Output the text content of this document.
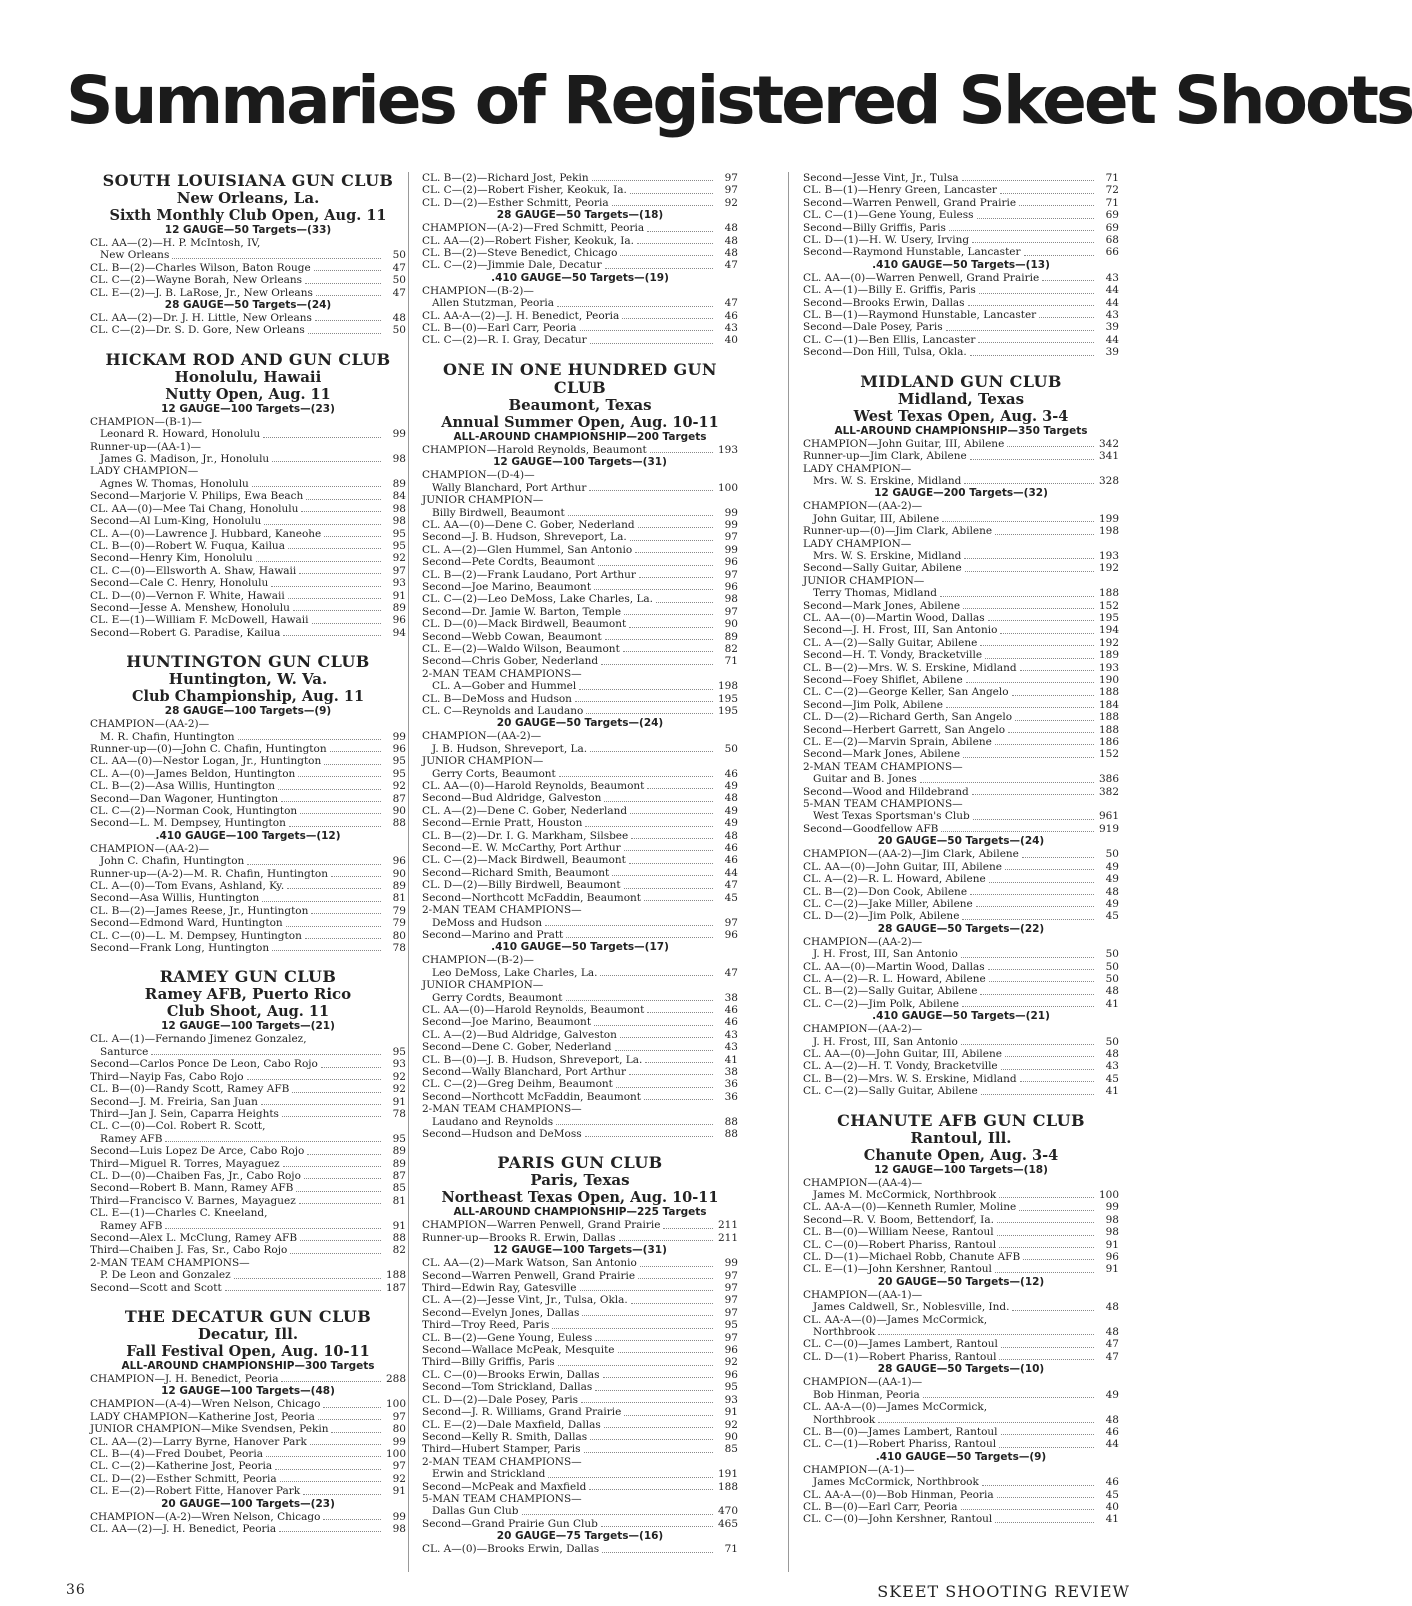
Summaries of Registered Skeet Shoots
SOUTH LOUISIANA GUN CLUB
New Orleans, La.
Sixth Monthly Club Open, Aug. 11
12 GAUGE—50 Targets—(33)
CL. AA—(2)—H. P. McIntosh, IV,
New Orleans	50
CL. B—(2)—Charles Wilson, Baton Rouge	47
CL. C—(2)—Wayne Borah, New Orleans	50
CL. E—(2)—J. B. LaRose, Jr., New Orleans	47
28 GAUGE—50 Targets—(24)
CL. AA—(2)—Dr. J. H. Little, New Orleans	48
CL. C—(2)—Dr. S. D. Gore, New Orleans	50
HICKAM ROD AND GUN CLUB
Honolulu, Hawaii
Nutty Open, Aug. 11
12 GAUGE—100 Targets—(23)
CHAMPION—(B-1)—
Leonard R. Howard, Honolulu	99
Runner-up—(AA-1)—
James G. Madison, Jr., Honolulu	98
LADY CHAMPION—
Agnes W. Thomas, Honolulu	89
Second—Marjorie V. Philips, Ewa Beach	84
CL. AA—(0)—Mee Tai Chang, Honolulu	98
Second—Al Lum-King, Honolulu	98
CL. A—(0)—Lawrence J. Hubbard, Kaneohe	95
CL. B—(0)—Robert W. Fuqua, Kailua	95
Second—Henry Kim, Honolulu	92
CL. C—(0)—Ellsworth A. Shaw, Hawaii	97
Second—Cale C. Henry, Honolulu	93
CL. D—(0)—Vernon F. White, Hawaii	91
Second—Jesse A. Menshew, Honolulu	89
CL. E—(1)—William F. McDowell, Hawaii	96
Second—Robert G. Paradise, Kailua	94
HUNTINGTON GUN CLUB
Huntington, W. Va.
Club Championship, Aug. 11
28 GAUGE—100 Targets—(9)
CHAMPION—(AA-2)—
M. R. Chafin, Huntington	99
Runner-up—(0)—John C. Chafin, Huntington	96
CL. AA—(0)—Nestor Logan, Jr., Huntington	95
CL. A—(0)—James Beldon, Huntington	95
CL. B—(2)—Asa Willis, Huntington	92
Second—Dan Wagoner, Huntington	87
CL. C—(2)—Norman Cook, Huntington	90
Second—L. M. Dempsey, Huntington	88
.410 GAUGE—100 Targets—(12)
CHAMPION—(AA-2)—
John C. Chafin, Huntington	96
Runner-up—(A-2)—M. R. Chafin, Huntington	90
CL. A—(0)—Tom Evans, Ashland, Ky.	89
Second—Asa Willis, Huntington	81
CL. B—(2)—James Reese, Jr., Huntington	79
Second—Edmond Ward, Huntington	79
CL. C—(0)—L. M. Dempsey, Huntington	80
Second—Frank Long, Huntington	78
RAMEY GUN CLUB
Ramey AFB, Puerto Rico
Club Shoot, Aug. 11
12 GAUGE—100 Targets—(21)
CL. A—(1)—Fernando Jimenez Gonzalez,
Santurce	95
Second—Carlos Ponce De Leon, Cabo Rojo	93
Third—Nayip Fas, Cabo Rojo	92
CL. B—(0)—Randy Scott, Ramey AFB	92
Second—J. M. Freiria, San Juan	91
Third—Jan J. Sein, Caparra Heights	78
CL. C—(0)—Col. Robert R. Scott,
Ramey AFB	95
Second—Luis Lopez De Arce, Cabo Rojo	89
Third—Miguel R. Torres, Mayaguez	89
CL. D—(0)—Chaiben Fas, Jr., Cabo Rojo	87
Second—Robert B. Mann, Ramey AFB	85
Third—Francisco V. Barnes, Mayaguez	81
CL. E—(1)—Charles C. Kneeland,
Ramey AFB	91
Second—Alex L. McClung, Ramey AFB	88
Third—Chaiben J. Fas, Sr., Cabo Rojo	82
2-MAN TEAM CHAMPIONS—
P. De Leon and Gonzalez	188
Second—Scott and Scott	187
THE DECATUR GUN CLUB
Decatur, Ill.
Fall Festival Open, Aug. 10-11
ALL-AROUND CHAMPIONSHIP—300 Targets
CHAMPION—J. H. Benedict, Peoria	288
12 GAUGE—100 Targets—(48)
CHAMPION—(A-4)—Wren Nelson, Chicago	100
LADY CHAMPION—Katherine Jost, Peoria	97
JUNIOR CHAMPION—Mike Svendsen, Pekin	80
CL. AA—(2)—Larry Byrne, Hanover Park	99
CL. B—(4)—Fred Doubet, Peoria	100
CL. C—(2)—Katherine Jost, Peoria	97
CL. D—(2)—Esther Schmitt, Peoria	92
CL. E—(2)—Robert Fitte, Hanover Park	91
20 GAUGE—100 Targets—(23)
CHAMPION—(A-2)—Wren Nelson, Chicago	99
CL. AA—(2)—J. H. Benedict, Peoria	98
CL. B—(2)—Richard Jost, Pekin	97
CL. C—(2)—Robert Fisher, Keokuk, Ia.	97
CL. D—(2)—Esther Schmitt, Peoria	92
28 GAUGE—50 Targets—(18)
CHAMPION—(A-2)—Fred Schmitt, Peoria	48
CL. AA—(2)—Robert Fisher, Keokuk, Ia.	48
CL. B—(2)—Steve Benedict, Chicago	48
CL. C—(2)—Jimmie Dale, Decatur	47
.410 GAUGE—50 Targets—(19)
CHAMPION—(B-2)—
Allen Stutzman, Peoria	47
CL. AA-A—(2)—J. H. Benedict, Peoria	46
CL. B—(0)—Earl Carr, Peoria	43
CL. C—(2)—R. I. Gray, Decatur	40
ONE IN ONE HUNDRED GUN CLUB
Beaumont, Texas
Annual Summer Open, Aug. 10-11
ALL-AROUND CHAMPIONSHIP—200 Targets
CHAMPION—Harold Reynolds, Beaumont	193
12 GAUGE—100 Targets—(31)
CHAMPION—(D-4)—
Wally Blanchard, Port Arthur	100
JUNIOR CHAMPION—
Billy Birdwell, Beaumont	99
CL. AA—(0)—Dene C. Gober, Nederland	99
Second—J. B. Hudson, Shreveport, La.	97
CL. A—(2)—Glen Hummel, San Antonio	99
Second—Pete Cordts, Beaumont	96
CL. B—(2)—Frank Laudano, Port Arthur	97
Second—Joe Marino, Beaumont	96
CL. C—(2)—Leo DeMoss, Lake Charles, La.	98
Second—Dr. Jamie W. Barton, Temple	97
CL. D—(0)—Mack Birdwell, Beaumont	90
Second—Webb Cowan, Beaumont	89
CL. E—(2)—Waldo Wilson, Beaumont	82
Second—Chris Gober, Nederland	71
2-MAN TEAM CHAMPIONS—
CL. A—Gober and Hummel	198
CL. B—DeMoss and Hudson	195
CL. C—Reynolds and Laudano	195
20 GAUGE—50 Targets—(24)
CHAMPION—(AA-2)—
J. B. Hudson, Shreveport, La.	50
JUNIOR CHAMPION—
Gerry Corts, Beaumont	46
CL. AA—(0)—Harold Reynolds, Beaumont	49
Second—Bud Aldridge, Galveston	48
CL. A—(2)—Dene C. Gober, Nederland	49
Second—Ernie Pratt, Houston	49
CL. B—(2)—Dr. I. G. Markham, Silsbee	48
Second—E. W. McCarthy, Port Arthur	46
CL. C—(2)—Mack Birdwell, Beaumont	46
Second—Richard Smith, Beaumont	44
CL. D—(2)—Billy Birdwell, Beaumont	47
Second—Northcott McFaddin, Beaumont	45
2-MAN TEAM CHAMPIONS—
DeMoss and Hudson	97
Second—Marino and Pratt	96
.410 GAUGE—50 Targets—(17)
CHAMPION—(B-2)—
Leo DeMoss, Lake Charles, La.	47
JUNIOR CHAMPION—
Gerry Cordts, Beaumont	38
CL. AA—(0)—Harold Reynolds, Beaumont	46
Second—Joe Marino, Beaumont	46
CL. A—(2)—Bud Aldridge, Galveston	43
Second—Dene C. Gober, Nederland	43
CL. B—(0)—J. B. Hudson, Shreveport, La.	41
Second—Wally Blanchard, Port Arthur	38
CL. C—(2)—Greg Deihm, Beaumont	36
Second—Northcott McFaddin, Beaumont	36
2-MAN TEAM CHAMPIONS—
Laudano and Reynolds	88
Second—Hudson and DeMoss	88
PARIS GUN CLUB
Paris, Texas
Northeast Texas Open, Aug. 10-11
ALL-AROUND CHAMPIONSHIP—225 Targets
CHAMPION—Warren Penwell, Grand Prairie	211
Runner-up—Brooks R. Erwin, Dallas	211
12 GAUGE—100 Targets—(31)
CL. AA—(2)—Mark Watson, San Antonio	99
Second—Warren Penwell, Grand Prairie	97
Third—Edwin Ray, Gatesville	97
CL. A—(2)—Jesse Vint, Jr., Tulsa, Okla.	97
Second—Evelyn Jones, Dallas	97
Third—Troy Reed, Paris	95
CL. B—(2)—Gene Young, Euless	97
Second—Wallace McPeak, Mesquite	96
Third—Billy Griffis, Paris	92
CL. C—(0)—Brooks Erwin, Dallas	96
Second—Tom Strickland, Dallas	95
CL. D—(2)—Dale Posey, Paris	93
Second—J. R. Williams, Grand Prairie	91
CL. E—(2)—Dale Maxfield, Dallas	92
Second—Kelly R. Smith, Dallas	90
Third—Hubert Stamper, Paris	85
2-MAN TEAM CHAMPIONS—
Erwin and Strickland	191
Second—McPeak and Maxfield	188
5-MAN TEAM CHAMPIONS—
Dallas Gun Club	470
Second—Grand Prairie Gun Club	465
20 GAUGE—75 Targets—(16)
CL. A—(0)—Brooks Erwin, Dallas	71
Second—Jesse Vint, Jr., Tulsa	71
CL. B—(1)—Henry Green, Lancaster	72
Second—Warren Penwell, Grand Prairie	71
CL. C—(1)—Gene Young, Euless	69
Second—Billy Griffis, Paris	69
CL. D—(1)—H. W. Usery, Irving	68
Second—Raymond Hunstable, Lancaster	66
.410 GAUGE—50 Targets—(13)
CL. AA—(0)—Warren Penwell, Grand Prairie	43
CL. A—(1)—Billy E. Griffis, Paris	44
Second—Brooks Erwin, Dallas	44
CL. B—(1)—Raymond Hunstable, Lancaster	43
Second—Dale Posey, Paris	39
CL. C—(1)—Ben Ellis, Lancaster	44
Second—Don Hill, Tulsa, Okla.	39
MIDLAND GUN CLUB
Midland, Texas
West Texas Open, Aug. 3-4
ALL-AROUND CHAMPIONSHIP—350 Targets
CHAMPION—John Guitar, III, Abilene	342
Runner-up—Jim Clark, Abilene	341
LADY CHAMPION—
Mrs. W. S. Erskine, Midland	328
12 GAUGE—200 Targets—(32)
CHAMPION—(AA-2)—
John Guitar, III, Abilene	199
Runner-up—(0)—Jim Clark, Abilene	198
LADY CHAMPION—
Mrs. W. S. Erskine, Midland	193
Second—Sally Guitar, Abilene	192
JUNIOR CHAMPION—
Terry Thomas, Midland	188
Second—Mark Jones, Abilene	152
CL. AA—(0)—Martin Wood, Dallas	195
Second—J. H. Frost, III, San Antonio	194
CL. A—(2)—Sally Guitar, Abilene	192
Second—H. T. Vondy, Bracketville	189
CL. B—(2)—Mrs. W. S. Erskine, Midland	193
Second—Foey Shiflet, Abilene	190
CL. C—(2)—George Keller, San Angelo	188
Second—Jim Polk, Abilene	184
CL. D—(2)—Richard Gerth, San Angelo	188
Second—Herbert Garrett, San Angelo	188
CL. E—(2)—Marvin Sprain, Abilene	186
Second—Mark Jones, Abilene	152
2-MAN TEAM CHAMPIONS—
Guitar and B. Jones	386
Second—Wood and Hildebrand	382
5-MAN TEAM CHAMPIONS—
West Texas Sportsman's Club	961
Second—Goodfellow AFB	919
20 GAUGE—50 Targets—(24)
CHAMPION—(AA-2)—Jim Clark, Abilene	50
CL. AA—(0)—John Guitar, III, Abilene	49
CL. A—(2)—R. L. Howard, Abilene	49
CL. B—(2)—Don Cook, Abilene	48
CL. C—(2)—Jake Miller, Abilene	49
CL. D—(2)—Jim Polk, Abilene	45
28 GAUGE—50 Targets—(22)
CHAMPION—(AA-2)—
J. H. Frost, III, San Antonio	50
CL. AA—(0)—Martin Wood, Dallas	50
CL. A—(2)—R. L. Howard, Abilene	50
CL. B—(2)—Sally Guitar, Abilene	48
CL. C—(2)—Jim Polk, Abilene	41
.410 GAUGE—50 Targets—(21)
CHAMPION—(AA-2)—
J. H. Frost, III, San Antonio	50
CL. AA—(0)—John Guitar, III, Abilene	48
CL. A—(2)—H. T. Vondy, Bracketville	43
CL. B—(2)—Mrs. W. S. Erskine, Midland	45
CL. C—(2)—Sally Guitar, Abilene	41
CHANUTE AFB GUN CLUB
Rantoul, Ill.
Chanute Open, Aug. 3-4
12 GAUGE—100 Targets—(18)
CHAMPION—(AA-4)—
James M. McCormick, Northbrook	100
CL. AA-A—(0)—Kenneth Rumler, Moline	99
Second—R. V. Boom, Bettendorf, Ia.	98
CL. B—(0)—William Neese, Rantoul	98
CL. C—(0)—Robert Phariss, Rantoul	91
CL. D—(1)—Michael Robb, Chanute AFB	96
CL. E—(1)—John Kershner, Rantoul	91
20 GAUGE—50 Targets—(12)
CHAMPION—(AA-1)—
James Caldwell, Sr., Noblesville, Ind.	48
CL. AA-A—(0)—James McCormick,
Northbrook	48
CL. C—(0)—James Lambert, Rantoul	47
CL. D—(1)—Robert Phariss, Rantoul	47
28 GAUGE—50 Targets—(10)
CHAMPION—(AA-1)—
Bob Hinman, Peoria	49
CL. AA-A—(0)—James McCormick,
Northbrook	48
CL. B—(0)—James Lambert, Rantoul	46
CL. C—(1)—Robert Phariss, Rantoul	44
.410 GAUGE—50 Targets—(9)
CHAMPION—(A-1)—
James McCormick, Northbrook	46
CL. AA-A—(0)—Bob Hinman, Peoria	45
CL. B—(0)—Earl Carr, Peoria	40
CL. C—(0)—John Kershner, Rantoul	41
36	SKEET SHOOTING REVIEW
